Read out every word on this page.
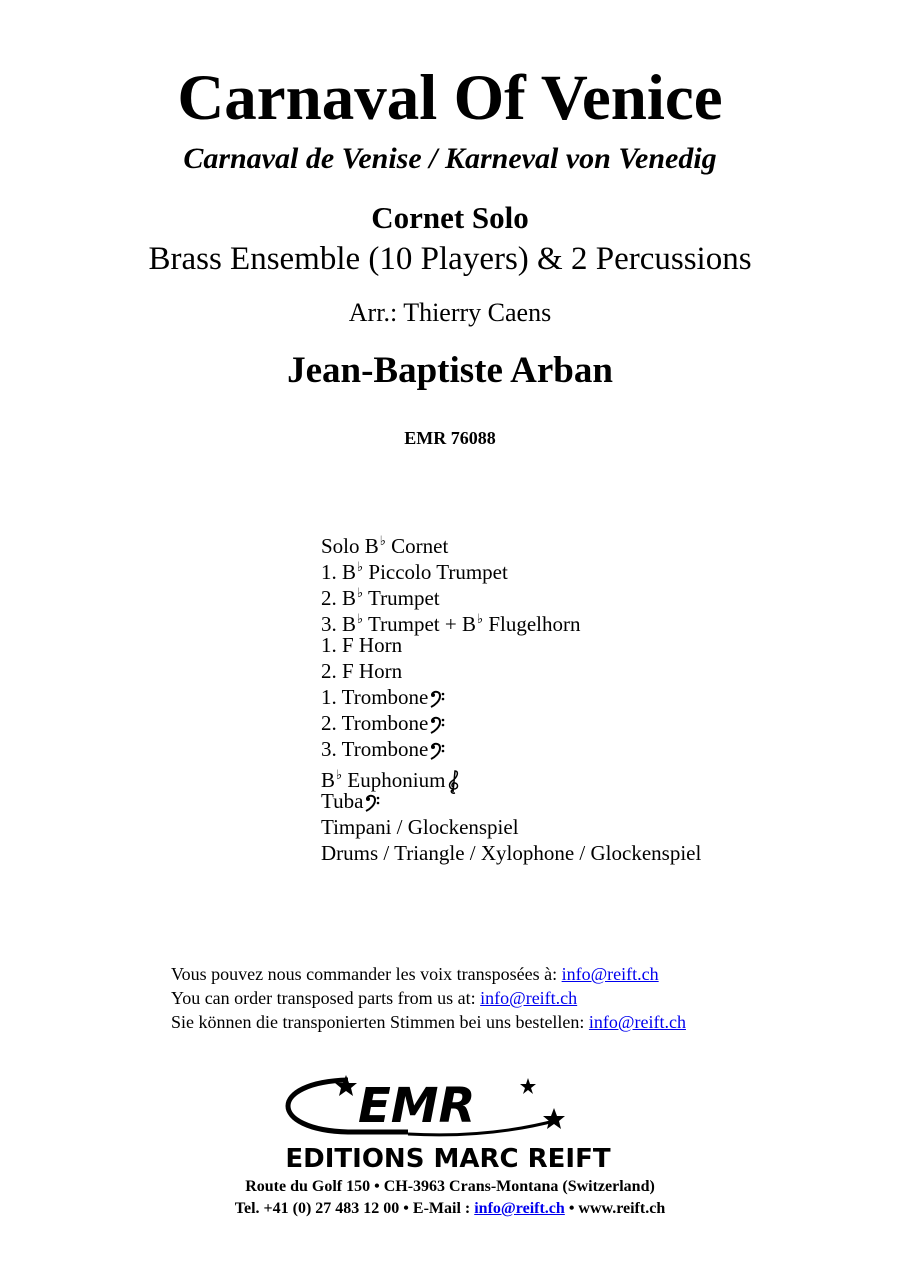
Carnaval Of Venice
Carnaval de Venise / Karneval von Venedig
Cornet Solo
Brass Ensemble (10 Players) & 2 Percussions
Arr.: Thierry Caens
Jean-Baptiste Arban
EMR 76088
Solo B♭ Cornet
1. B♭ Piccolo Trumpet
2. B♭ Trumpet
3. B♭ Trumpet + B♭ Flugelhorn
1. F Horn
2. F Horn
1. Trombone
2. Trombone
3. Trombone
B♭ Euphonium
Tuba
Timpani / Glockenspiel
Drums / Triangle / Xylophone / Glockenspiel
Vous pouvez nous commander les voix transposées à: info@reift.ch
You can order transposed parts from us at: info@reift.ch
Sie können die transponierten Stimmen bei uns bestellen: info@reift.ch
EMR
EDITIONS MARC REIFT
Route du Golf 150 • CH-3963 Crans-Montana (Switzerland)
Tel. +41 (0) 27 483 12 00 • E-Mail : info@reift.ch • www.reift.ch
